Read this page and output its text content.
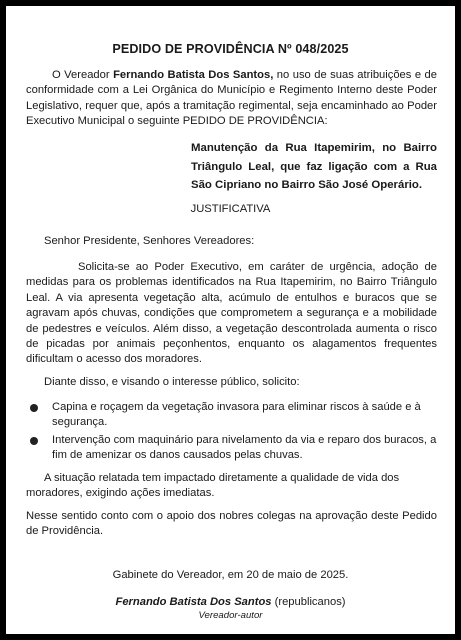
PEDIDO DE PROVIDÊNCIA Nº 048/2025

O Vereador Fernando Batista Dos Santos, no uso de suas atribuições e de conformidade com a Lei Orgânica do Município e Regimento Interno deste Poder Legislativo, requer que, após a tramitação regimental, seja encaminhado ao Poder Executivo Municipal o seguinte PEDIDO DE PROVIDÊNCIA:

Manutenção da Rua Itapemirim, no Bairro Triângulo Leal, que faz ligação com a Rua São Cipriano no Bairro São José Operário.

JUSTIFICATIVA
Senhor Presidente, Senhores Vereadores:

Solicita-se ao Poder Executivo, em caráter de urgência, adoção de medidas para os problemas identificados na Rua Itapemirim, no Bairro Triângulo Leal. A via apresenta vegetação alta, acúmulo de entulhos e buracos que se agravam após chuvas, condições que comprometem a segurança e a mobilidade de pedestres e veículos. Além disso, a vegetação descontrolada aumenta o risco de picadas por animais peçonhentos, enquanto os alagamentos frequentes dificultam o acesso dos moradores.

Diante disso, e visando o interesse público, solicito:
Capina e roçagem da vegetação invasora para eliminar riscos à saúde e à segurança.
Intervenção com maquinário para nivelamento da via e reparo dos buracos, a fim de amenizar os danos causados pelas chuvas.

A situação relatada tem impactado diretamente a qualidade de vida dos moradores, exigindo ações imediatas.

Nesse sentido conto com o apoio dos nobres colegas na aprovação deste Pedido de Providência.

Gabinete do Vereador, em 20 de maio de 2025.
Fernando Batista Dos Santos (republicanos)
Vereador-autor
